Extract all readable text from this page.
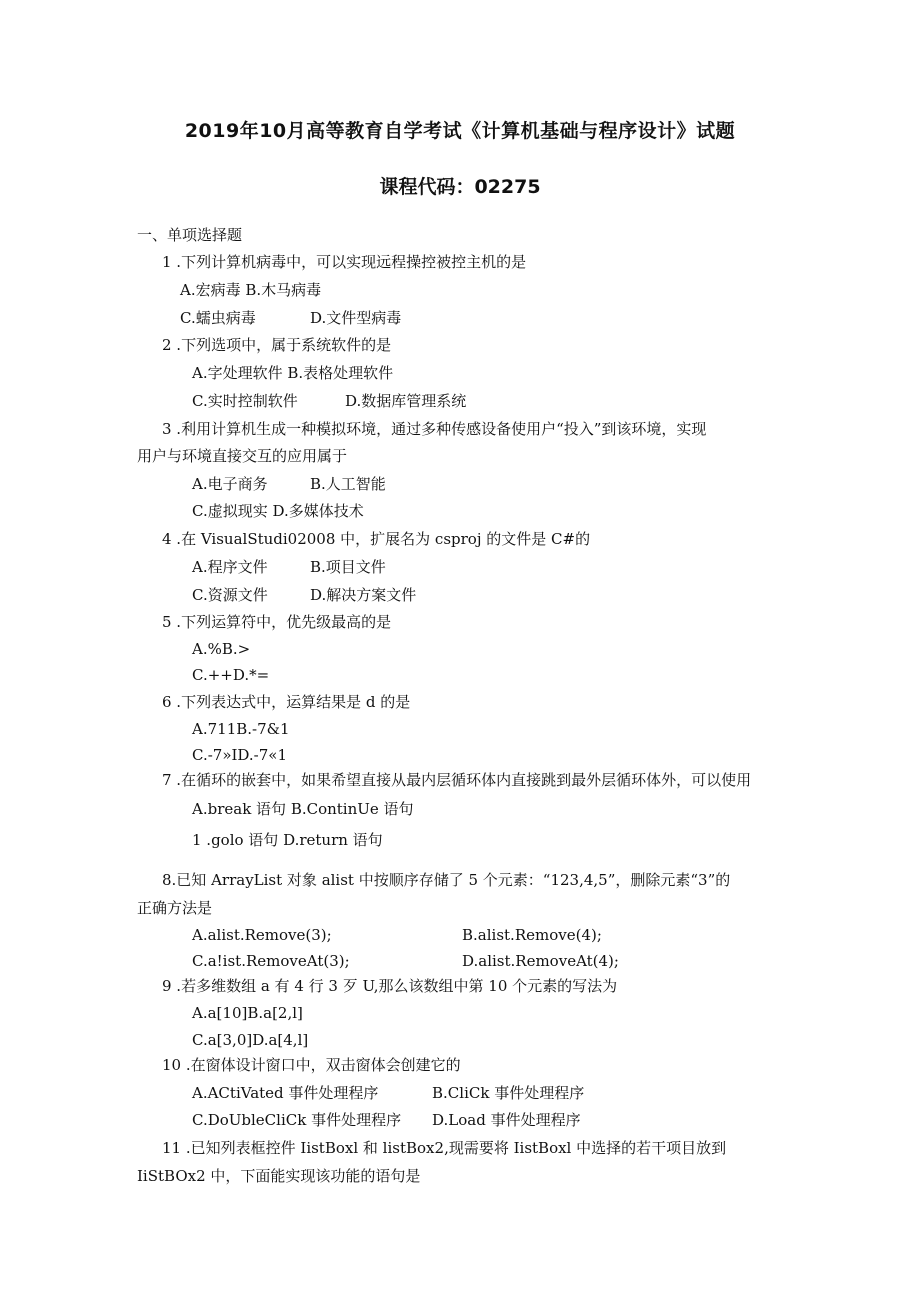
2019年10月高等教育自学考试《计算机基础与程序设计》试题
课程代码：02275
一、单项选择题
1 .下列计算机病毒中，可以实现远程操控被控主机的是
A.宏病毒 B.木马病毒
C.蠕虫病毒	D.文件型病毒
2 .下列选项中，属于系统软件的是
A.字处理软件 B.表格处理软件
C.实时控制软件	D.数据库管理系统
3 .利用计算机生成一种模拟环境，通过多种传感设备使用户“投入”到该环境，实现
用户与环境直接交互的应用属于
A.电子商务	B.人工智能
C.虚拟现实 D.多媒体技术
4 .在 VisualStudi02008 中，扩展名为 csproj 的文件是 C#的
A.程序文件	B.项目文件
C.资源文件	D.解决方案文件
5 .下列运算符中，优先级最高的是
A.%B.>
C.++D.*=
6 .下列表达式中，运算结果是 d 的是
A.711B.-7&1
C.-7»ID.-7«1
7 .在循环的嵌套中，如果希望直接从最内层循环体内直接跳到最外层循环体外，可以使用
A.break 语句 B.ContinUe 语句
1 .golo 语句 D.return 语句
8.已知 ArrayList 对象 alist 中按顺序存储了 5 个元素：“123,4,5”，删除元素“3”的
正确方法是
A.alist.Remove(3);	B.alist.Remove(4);
C.a!ist.RemoveAt(3);	D.alist.RemoveAt(4);
9 .若多维数组 a 有 4 行 3 歹 U,那么该数组中第 10 个元素的写法为
A.a[10]B.a[2,l]
C.a[3,0]D.a[4,l]
10 .在窗体设计窗口中，双击窗体会创建它的
A.ACtiVated 事件处理程序	B.CliCk 事件处理程序
C.DoUbleCliCk 事件处理程序 D.Load 事件处理程序
11 .已知列表框控件 IistBoxl 和 listBox2,现需要将 IistBoxl 中选择的若干项目放到
IiStBOx2 中，下面能实现该功能的语句是
